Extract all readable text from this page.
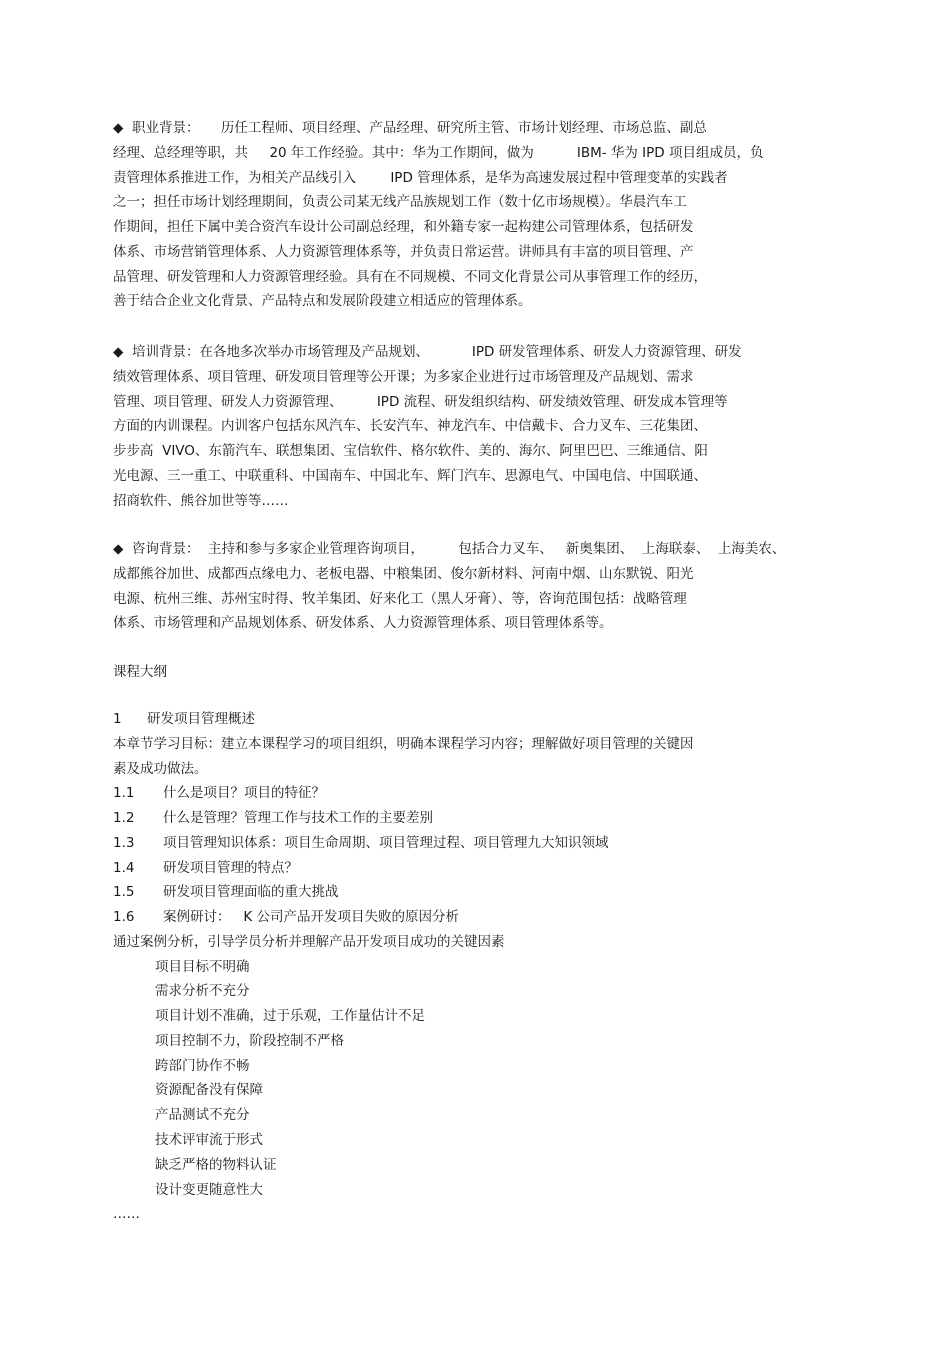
◆  职业背景：     历任工程师、项目经理、产品经理、研究所主管、市场计划经理、市场总监、副总
经理、总经理等职，共     20 年工作经验。其中：华为工作期间，做为          IBM- 华为 IPD 项目组成员，负
责管理体系推进工作，为相关产品线引入        IPD 管理体系，是华为高速发展过程中管理变革的实践者
之一；担任市场计划经理期间，负责公司某无线产品族规划工作（数十亿市场规模）。华晨汽车工
作期间，担任下属中美合资汽车设计公司副总经理，和外籍专家一起构建公司管理体系，包括研发
体系、市场营销管理体系、人力资源管理体系等，并负责日常运营。讲师具有丰富的项目管理、产
品管理、研发管理和人力资源管理经验。具有在不同规模、不同文化背景公司从事管理工作的经历，
善于结合企业文化背景、产品特点和发展阶段建立相适应的管理体系。
◆  培训背景：在各地多次举办市场管理及产品规划、          IPD 研发管理体系、研发人力资源管理、研发
绩效管理体系、项目管理、研发项目管理等公开课；为多家企业进行过市场管理及产品规划、需求
管理、项目管理、研发人力资源管理、        IPD 流程、研发组织结构、研发绩效管理、研发成本管理等
方面的内训课程。内训客户包括东风汽车、长安汽车、神龙汽车、中信戴卡、合力叉车、三花集团、
步步高  VIVO、东箭汽车、联想集团、宝信软件、格尔软件、美的、海尔、阿里巴巴、三维通信、阳
光电源、三一重工、中联重科、中国南车、中国北车、辉门汽车、思源电气、中国电信、中国联通、
招商软件、熊谷加世等等……
◆  咨询背景：  主持和参与多家企业管理咨询项目，        包括合力叉车、   新奥集团、  上海联泰、  上海美农、
成都熊谷加世、成都西点缘电力、老板电器、中粮集团、俊尔新材料、河南中烟、山东默锐、阳光
电源、杭州三维、苏州宝时得、牧羊集团、好来化工（黑人牙膏）、等，咨询范围包括：战略管理
体系、市场管理和产品规划体系、研发体系、人力资源管理体系、项目管理体系等。
课程大纲
1 研发项目管理概述
本章节学习目标：建立本课程学习的项目组织，明确本课程学习内容；理解做好项目管理的关键因
素及成功做法。
1.1 什么是项目？项目的特征？
1.2 什么是管理？管理工作与技术工作的主要差别
1.3 项目管理知识体系：项目生命周期、项目管理过程、项目管理九大知识领域
1.4 研发项目管理的特点？
1.5 研发项目管理面临的重大挑战
1.6 案例研讨：   K 公司产品开发项目失败的原因分析
通过案例分析，引导学员分析并理解产品开发项目成功的关键因素
项目目标不明确
需求分析不充分
项目计划不准确，过于乐观，工作量估计不足
项目控制不力，阶段控制不严格
跨部门协作不畅
资源配备没有保障
产品测试不充分
技术评审流于形式
缺乏严格的物料认证
设计变更随意性大
……
